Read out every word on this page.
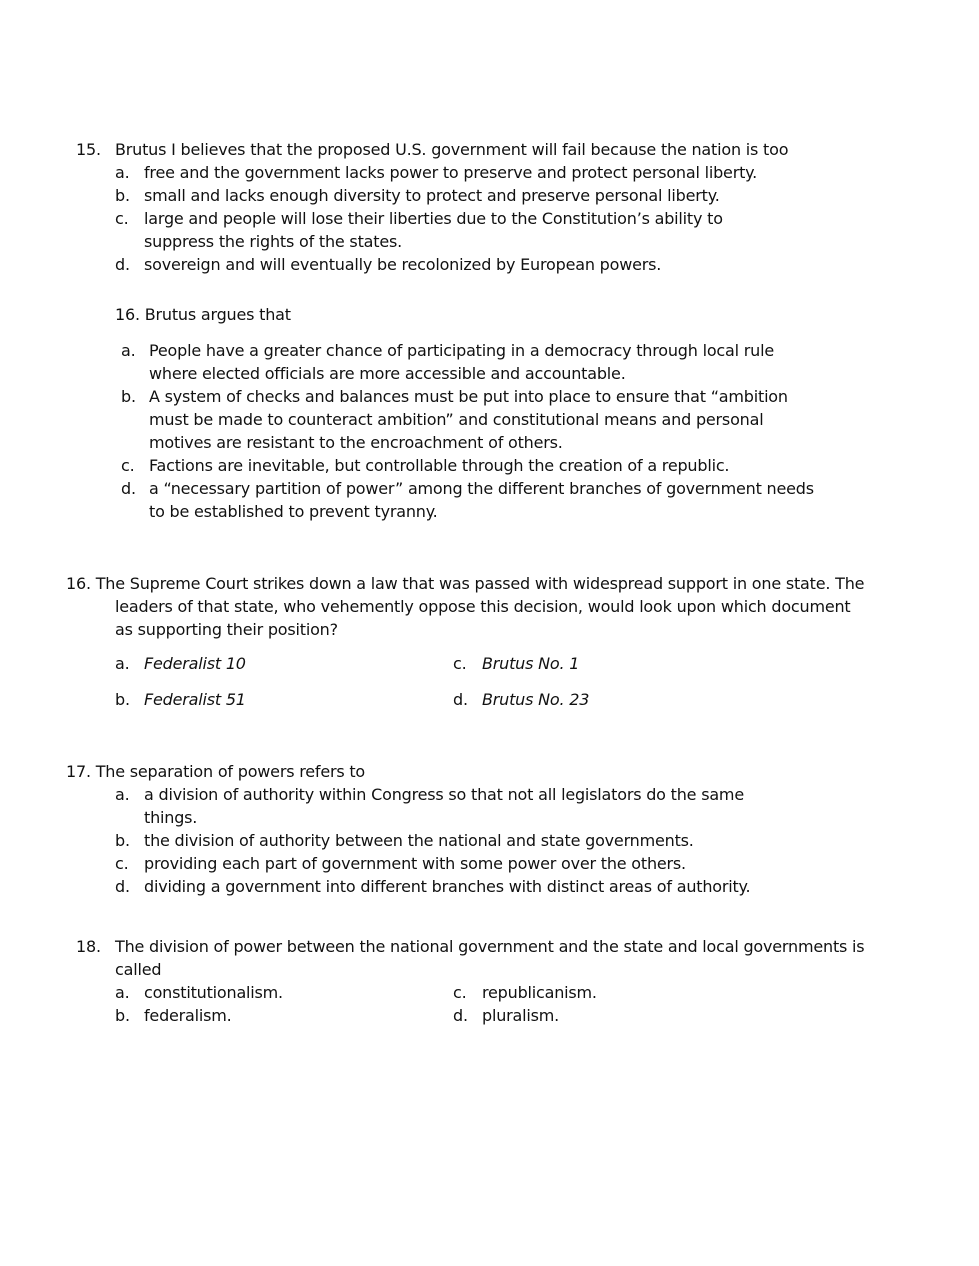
15. Brutus I believes that the proposed U.S. government will fail because the nation is too
a. free and the government lacks power to preserve and protect personal liberty.
b. small and lacks enough diversity to protect and preserve personal liberty.
c. large and people will lose their liberties due to the Constitution’s ability to
suppress the rights of the states.
d. sovereign and will eventually be recolonized by European powers.
16. Brutus argues that
a. People have a greater chance of participating in a democracy through local rule
where elected officials are more accessible and accountable.
b. A system of checks and balances must be put into place to ensure that “ambition
must be made to counteract ambition” and constitutional means and personal
motives are resistant to the encroachment of others.
c. Factions are inevitable, but controllable through the creation of a republic.
d. a “necessary partition of power” among the different branches of government needs
to be established to prevent tyranny.
16. The Supreme Court strikes down a law that was passed with widespread support in one state. The
leaders of that state, who vehemently oppose this decision, would look upon which document
as supporting their position?
a. Federalist 10
b. Federalist 51
c. Brutus No. 1
d. Brutus No. 23
17. The separation of powers refers to
a. a division of authority within Congress so that not all legislators do the same
things.
b. the division of authority between the national and state governments.
c. providing each part of government with some power over the others.
d. dividing a government into different branches with distinct areas of authority.
18. The division of power between the national government and the state and local governments is
called
a. constitutionalism.
b. federalism.
c. republicanism.
d. pluralism.
